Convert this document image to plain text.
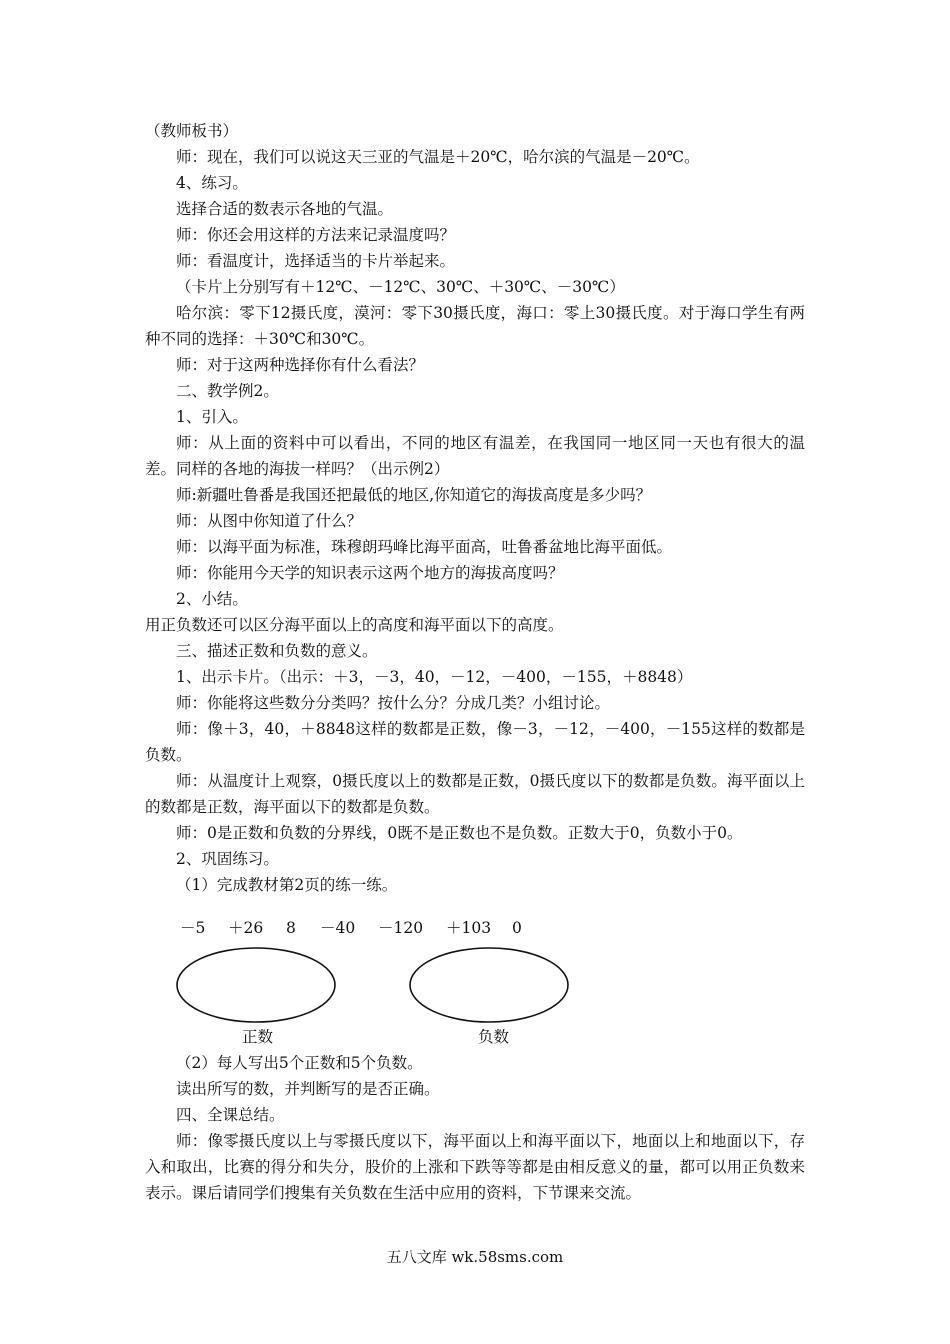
（教师板书）

师：现在，我们可以说这天三亚的气温是＋20℃，哈尔滨的气温是－20℃。

4、练习。

选择合适的数表示各地的气温。

师：你还会用这样的方法来记录温度吗？

师：看温度计，选择适当的卡片举起来。

（卡片上分别写有＋12℃、－12℃、30℃、＋30℃、－30℃）

哈尔滨：零下12摄氏度，漠河：零下30摄氏度，海口：零上30摄氏度。对于海口学生有两种不同的选择：＋30℃和30℃。

师：对于这两种选择你有什么看法？

二、教学例2。

1、引入。

师：从上面的资料中可以看出，不同的地区有温差，在我国同一地区同一天也有很大的温差。同样的各地的海拔一样吗？（出示例2）

师:新疆吐鲁番是我国还把最低的地区,你知道它的海拔高度是多少吗？

师：从图中你知道了什么？

师：以海平面为标准，珠穆朗玛峰比海平面高，吐鲁番盆地比海平面低。

师：你能用今天学的知识表示这两个地方的海拔高度吗？

2、小结。

用正负数还可以区分海平面以上的高度和海平面以下的高度。

三、描述正数和负数的意义。

1、出示卡片。（出示：＋3，－3，40，－12，－400，－155，＋8848）

师：你能将这些数分分类吗？按什么分？分成几类？小组讨论。

师：像＋3，40，＋8848这样的数都是正数，像－3，－12，－400，－155这样的数都是负数。

师：从温度计上观察，0摄氏度以上的数都是正数，0摄氏度以下的数都是负数。海平面以上的数都是正数，海平面以下的数都是负数。

师：0是正数和负数的分界线，0既不是正数也不是负数。正数大于0，负数小于0。

2、巩固练习。

（1）完成教材第2页的练一练。

－5 ＋26 8 －40 －120 ＋103 0
正数	负数

（2）每人写出5个正数和5个负数。

读出所写的数，并判断写的是否正确。

四、全课总结。

师：像零摄氏度以上与零摄氏度以下，海平面以上和海平面以下，地面以上和地面以下，存入和取出，比赛的得分和失分，股价的上涨和下跌等等都是由相反意义的量，都可以用正负数来表示。课后请同学们搜集有关负数在生活中应用的资料，下节课来交流。

五八文库 wk.58sms.com
